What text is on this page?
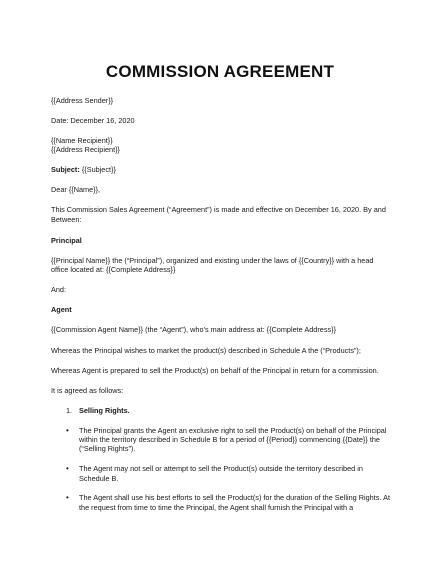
COMMISSION AGREEMENT
{{Address Sender}}
Date: December 16, 2020
{{Name Recipient}}
{{Address Recipient}}
Subject: {{Subject}}
Dear {{Name}},
This Commission Sales Agreement (“Agreement”) is made and effective on December 16, 2020. By and
Between:
Principal
{{Principal Name}} the (“Principal”), organized and existing under the laws of {{Country}} with a head
office located at: {{Complete Address}}
And:
Agent
{{Commission Agent Name}} (the “Agent”), who’s main address at: {{Complete Address}}
Whereas the Principal wishes to market the product(s) described in Schedule A the (“Products”);
Whereas Agent is prepared to sell the Product(s) on behalf of the Principal in return for a commission.
It is agreed as follows:
1. Selling Rights.
• The Principal grants the Agent an exclusive right to sell the Product(s) on behalf of the Principal
within the territory described in Schedule B for a period of {{Period}} commencing {{Date}} the
(“Selling Rights”).
• The Agent may not sell or attempt to sell the Product(s) outside the territory described in
Schedule B.
• The Agent shall use his best efforts to sell the Product(s) for the duration of the Selling Rights. At
the request from time to time the Principal, the Agent shall furnish the Principal with a
